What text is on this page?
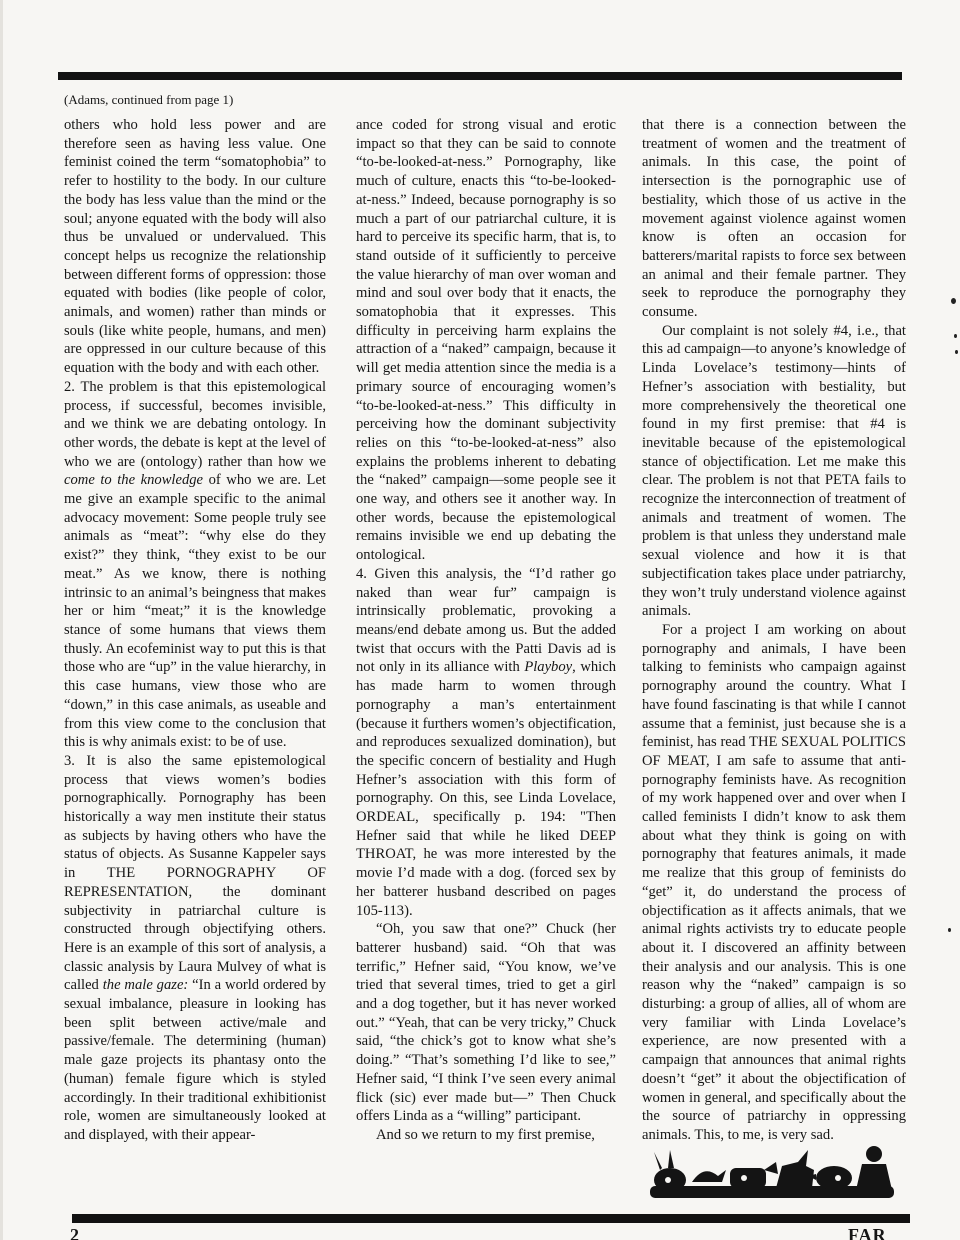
(Adams, continued from page 1)

others who hold less power and are therefore seen as having less value. One feminist coined the term “somatophobia” to refer to hostility to the body. In our culture the body has less value than the mind or the soul; anyone equated with the body will also thus be unvalued or undervalued. This concept helps us recognize the relationship between different forms of oppression: those equated with bodies (like people of color, animals, and women) rather than minds or souls (like white people, humans, and men) are oppressed in our culture because of this equation with the body and with each other.

2. The problem is that this epistemological process, if successful, becomes invisible, and we think we are debating ontology. In other words, the debate is kept at the level of who we are (ontology) rather than how we come to the knowledge of who we are. Let me give an example specific to the animal advocacy movement: Some people truly see animals as “meat”: “why else do they exist?” they think, “they exist to be our meat.” As we know, there is nothing intrinsic to an animal’s beingness that makes her or him “meat;” it is the knowledge stance of some humans that views them thusly. An ecofeminist way to put this is that those who are “up” in the value hierarchy, in this case humans, view those who are “down,” in this case animals, as useable and from this view come to the conclusion that this is why animals exist: to be of use.

3. It is also the same epistemological process that views women’s bodies pornographically. Pornography has been historically a way men institute their status as subjects by having others who have the status of objects. As Susanne Kappeler says in THE PORNOGRAPHY OF REPRESENTATION, the dominant subjectivity in patriarchal culture is constructed through objectifying others. Here is an example of this sort of analysis, a classic analysis by Laura Mulvey of what is called the male gaze: “In a world ordered by sexual imbalance, pleasure in looking has been split between active/male and passive/female. The determining (human) male gaze projects its phantasy onto the (human) female figure which is styled accordingly. In their traditional exhibitionist role, women are simultaneously looked at and displayed, with their appear-

ance coded for strong visual and erotic impact so that they can be said to connote “to-be-looked-at-ness.” Pornography, like much of culture, enacts this “to-be-looked-at-ness.” Indeed, because pornography is so much a part of our patriarchal culture, it is hard to perceive its specific harm, that is, to stand outside of it sufficiently to perceive the value hierarchy of man over woman and mind and soul over body that it enacts, the somatophobia that it expresses. This difficulty in perceiving harm explains the attraction of a “naked” campaign, because it will get media attention since the media is a primary source of encouraging women’s “to-be-looked-at-ness.” This difficulty in perceiving how the dominant subjectivity relies on this “to-be-looked-at-ness” also explains the problems inherent to debating the “naked” campaign—some people see it one way, and others see it another way. In other words, because the epistemological remains invisible we end up debating the ontological.

4. Given this analysis, the “I’d rather go naked than wear fur” campaign is intrinsically problematic, provoking a means/end debate among us. But the added twist that occurs with the Patti Davis ad is not only in its alliance with Playboy, which has made harm to women through pornography a man’s entertainment (because it furthers women’s objectification, and reproduces sexualized domination), but the specific concern of bestiality and Hugh Hefner’s association with this form of pornography. On this, see Linda Lovelace, ORDEAL, specifically p. 194: "Then Hefner said that while he liked DEEP THROAT, he was more interested by the movie I’d made with a dog. (forced sex by her batterer husband described on pages 105-113).

“Oh, you saw that one?” Chuck (her batterer husband) said. “Oh that was terrific,” Hefner said, “You know, we’ve tried that several times, tried to get a girl and a dog together, but it has never worked out.” “Yeah, that can be very tricky,” Chuck said, “the chick’s got to know what she’s doing.” “That’s something I’d like to see,” Hefner said, “I think I’ve seen every animal flick (sic) ever made but—” Then Chuck offers Linda as a “willing” participant.

And so we return to my first premise,

that there is a connection between the treatment of women and the treatment of animals. In this case, the point of intersection is the pornographic use of bestiality, which those of us active in the movement against violence against women know is often an occasion for batterers/marital rapists to force sex between an animal and their female partner. They seek to reproduce the pornography they consume.

Our complaint is not solely #4, i.e., that this ad campaign—to anyone’s knowledge of Linda Lovelace’s testimony—hints of Hefner’s association with bestiality, but more comprehensively the theoretical one found in my first premise: that #4 is inevitable because of the epistemological stance of objectification. Let me make this clear. The problem is not that PETA fails to recognize the interconnection of treatment of animals and treatment of women. The problem is that unless they understand male sexual violence and how it is that subjectification takes place under patriarchy, they won’t truly understand violence against animals.

For a project I am working on about pornography and animals, I have been talking to feminists who campaign against pornography around the country. What I have found fascinating is that while I cannot assume that a feminist, just because she is a feminist, has read THE SEXUAL POLITICS OF MEAT, I am safe to assume that anti-pornography feminists have. As recognition of my work happened over and over when I called feminists I didn’t know to ask them about what they think is going on with pornography that features animals, it made me realize that this group of feminists do “get” it, do understand the process of objectification as it affects animals, that we animal rights activists try to educate people about it. I discovered an affinity between their analysis and our analysis. This is one reason why the “naked” campaign is so disturbing: a group of allies, all of whom are very familiar with Linda Lovelace’s experience, are now presented with a campaign that announces that animal rights doesn’t “get” it about the objectification of women in general, and specifically about the the source of patriarchy in oppressing animals. This, to me, is very sad.

2	FAR
